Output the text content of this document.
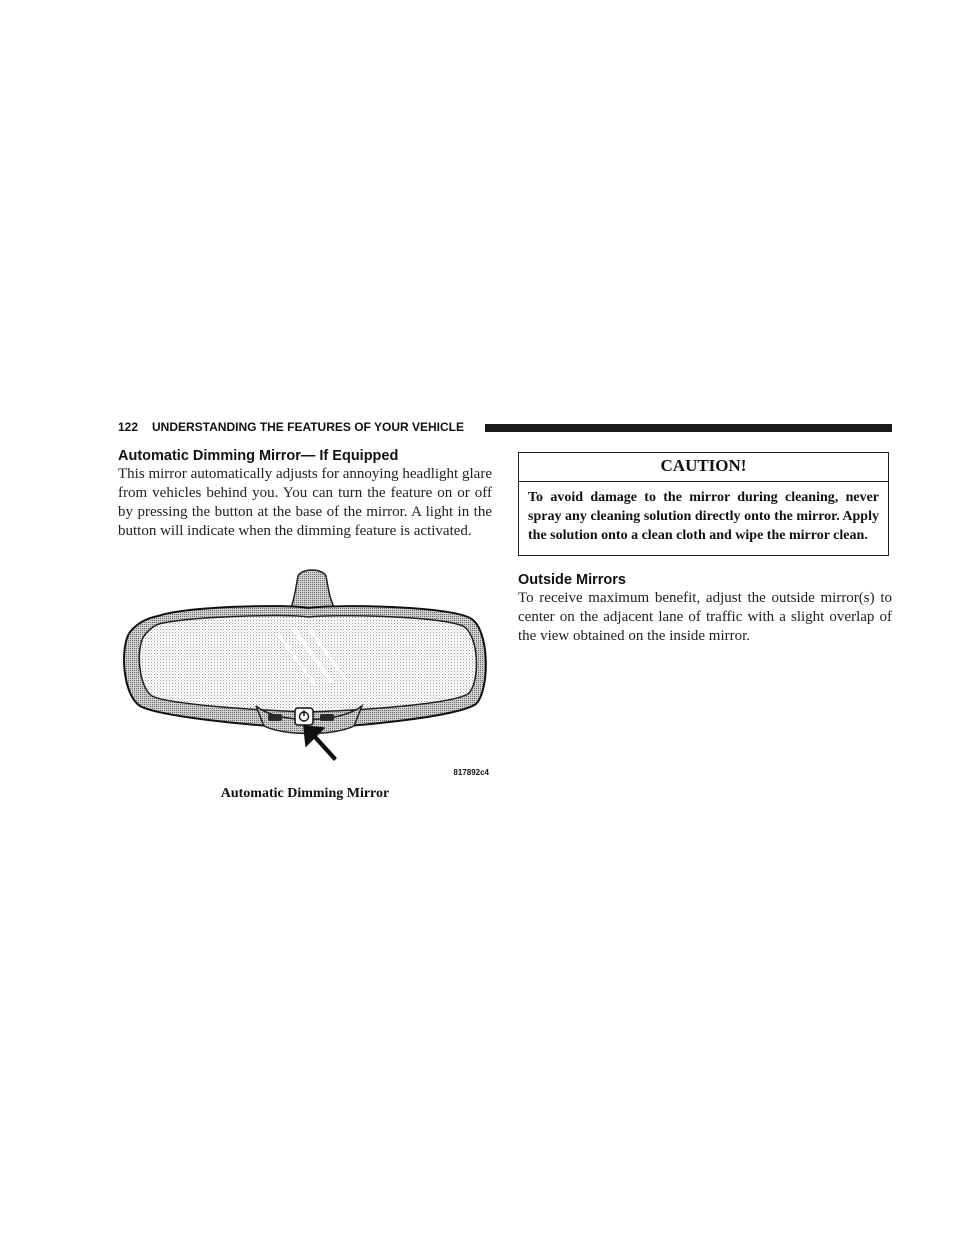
122 UNDERSTANDING THE FEATURES OF YOUR VEHICLE
Automatic Dimming Mirror— If Equipped

This mirror automatically adjusts for annoying headlight glare from vehicles behind you. You can turn the feature on or off by pressing the button at the base of the mirror. A light in the button will indicate when the dimming feature is activated.

817892c4
Automatic Dimming Mirror
CAUTION!
To avoid damage to the mirror during cleaning, never spray any cleaning solution directly onto the mirror. Apply the solution onto a clean cloth and wipe the mirror clean.
Outside Mirrors

To receive maximum benefit, adjust the outside mirror(s) to center on the adjacent lane of traffic with a slight overlap of the view obtained on the inside mirror.
